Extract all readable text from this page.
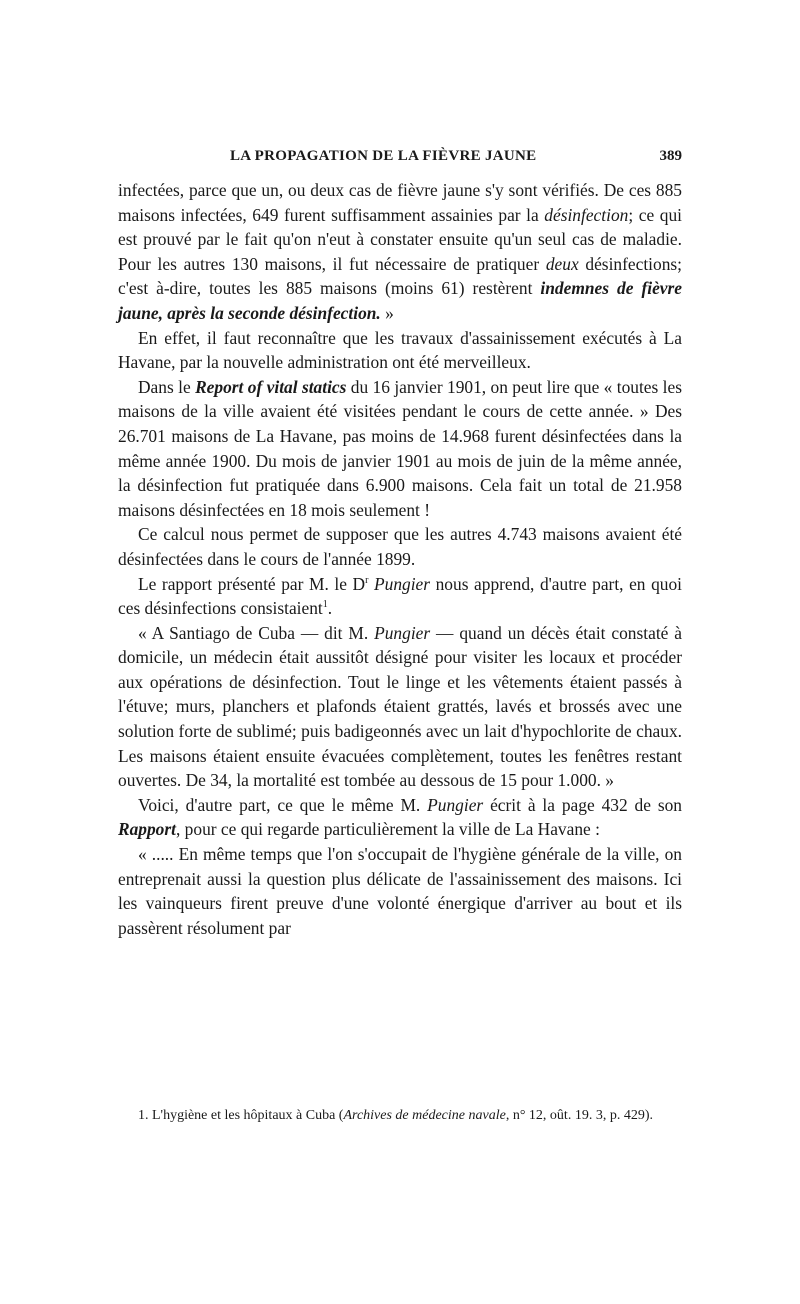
LA PROPAGATION DE LA FIÈVRE JAUNE	389

infectées, parce que un, ou deux cas de fièvre jaune s'y sont vérifiés. De ces 885 maisons infectées, 649 furent suffisamment assainies par la désinfection; ce qui est prouvé par le fait qu'on n'eut à constater ensuite qu'un seul cas de maladie. Pour les autres 130 maisons, il fut nécessaire de pratiquer deux désinfections; c'est à-dire, toutes les 885 maisons (moins 61) restèrent indemnes de fièvre jaune, après la seconde désinfection. »

En effet, il faut reconnaître que les travaux d'assainissement exécutés à La Havane, par la nouvelle administration ont été merveilleux.

Dans le Report of vital statics du 16 janvier 1901, on peut lire que « toutes les maisons de la ville avaient été visitées pendant le cours de cette année. » Des 26.701 maisons de La Havane, pas moins de 14.968 furent désinfectées dans la même année 1900. Du mois de janvier 1901 au mois de juin de la même année, la désinfection fut pratiquée dans 6.900 maisons. Cela fait un total de 21.958 maisons désinfectées en 18 mois seulement !

Ce calcul nous permet de supposer que les autres 4.743 maisons avaient été désinfectées dans le cours de l'année 1899.

Le rapport présenté par M. le $D^r$ Pungier nous apprend, d'autre part, en quoi ces désinfections consistaient$^1$.

« A Santiago de Cuba — dit M. Pungier — quand un décès était constaté à domicile, un médecin était aussitôt désigné pour visiter les locaux et procéder aux opérations de désinfection. Tout le linge et les vêtements étaient passés à l'étuve; murs, planchers et plafonds étaient grattés, lavés et brossés avec une solution forte de sublimé; puis badigeonnés avec un lait d'hypochlorite de chaux. Les maisons étaient ensuite évacuées complètement, toutes les fenêtres restant ouvertes. De 34, la mortalité est tombée au dessous de 15 pour 1.000. »

Voici, d'autre part, ce que le même M. Pungier écrit à la page 432 de son Rapport, pour ce qui regarde particulièrement la ville de La Havane :

« ..... En même temps que l'on s'occupait de l'hygiène générale de la ville, on entreprenait aussi la question plus délicate de l'assainissement des maisons. Ici les vainqueurs firent preuve d'une volonté énergique d'arriver au bout et ils passèrent résolument par

1. L'hygiène et les hôpitaux à Cuba (Archives de médecine navale, n° 12, oût. 19. 3, p. 429).
